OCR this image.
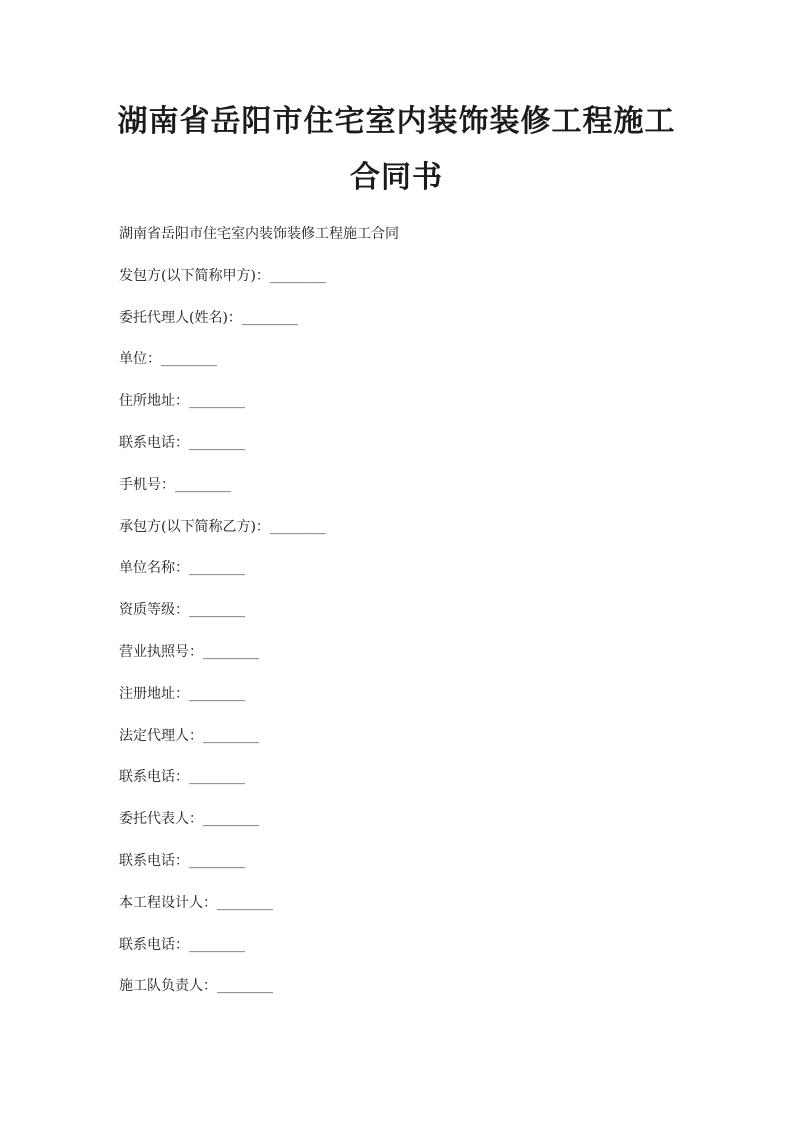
湖南省岳阳市住宅室内装饰装修工程施工
合同书
湖南省岳阳市住宅室内装饰装修工程施工合同
发包方(以下简称甲方)：________
委托代理人(姓名)：________
单位：________
住所地址：________
联系电话：________
手机号：________
承包方(以下简称乙方)：________
单位名称：________
资质等级：________
营业执照号：________
注册地址：________
法定代理人：________
联系电话：________
委托代表人：________
联系电话：________
本工程设计人：________
联系电话：________
施工队负责人：________
